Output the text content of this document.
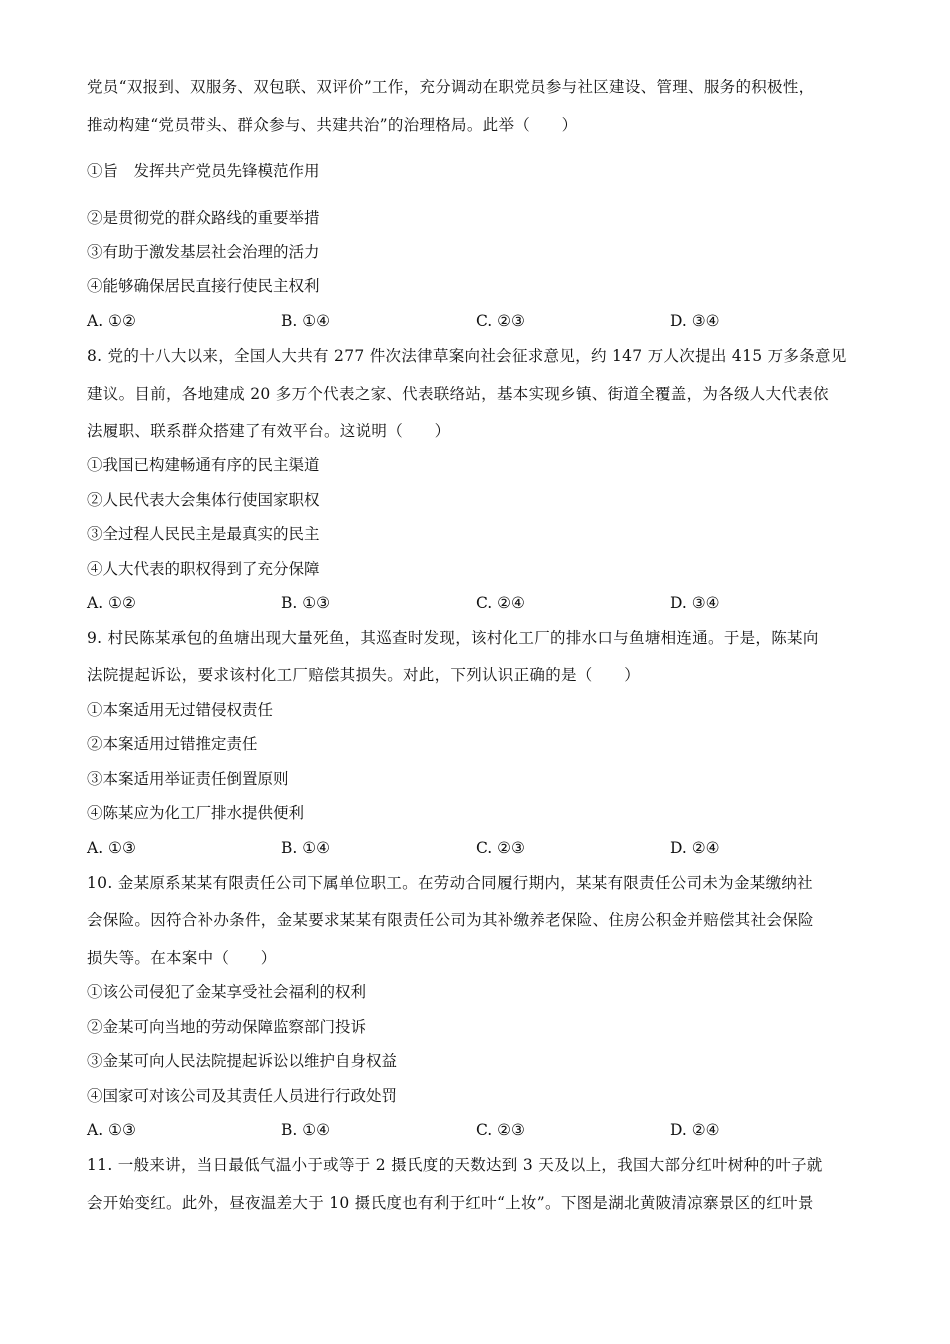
党员“双报到、双服务、双包联、双评价”工作，充分调动在职党员参与社区建设、管理、服务的积极性，
推动构建“党员带头、群众参与、共建共治”的治理格局。此举（　　）
①旨　发挥共产党员先锋模范作用
②是贯彻党的群众路线的重要举措
③有助于激发基层社会治理的活力
④能够确保居民直接行使民主权利
A. ①②	B. ①④	C. ②③	D. ③④
8. 党的十八大以来，全国人大共有 277 件次法律草案向社会征求意见，约 147 万人次提出 415 万多条意见
建议。目前，各地建成 20 多万个代表之家、代表联络站，基本实现乡镇、街道全覆盖，为各级人大代表依
法履职、联系群众搭建了有效平台。这说明（　　）
①我国已构建畅通有序的民主渠道
②人民代表大会集体行使国家职权
③全过程人民民主是最真实的民主
④人大代表的职权得到了充分保障
A. ①②	B. ①③	C. ②④	D. ③④
9. 村民陈某承包的鱼塘出现大量死鱼，其巡查时发现，该村化工厂的排水口与鱼塘相连通。于是，陈某向
法院提起诉讼，要求该村化工厂赔偿其损失。对此，下列认识正确的是（　　）
①本案适用无过错侵权责任
②本案适用过错推定责任
③本案适用举证责任倒置原则
④陈某应为化工厂排水提供便利
A. ①③	B. ①④	C. ②③	D. ②④
10. 金某原系某某有限责任公司下属单位职工。在劳动合同履行期内，某某有限责任公司未为金某缴纳社
会保险。因符合补办条件，金某要求某某有限责任公司为其补缴养老保险、住房公积金并赔偿其社会保险
损失等。在本案中（　　）
①该公司侵犯了金某享受社会福利的权利
②金某可向当地的劳动保障监察部门投诉
③金某可向人民法院提起诉讼以维护自身权益
④国家可对该公司及其责任人员进行行政处罚
A. ①③	B. ①④	C. ②③	D. ②④
11. 一般来讲，当日最低气温小于或等于 2 摄氏度的天数达到 3 天及以上，我国大部分红叶树种的叶子就
会开始变红。此外，昼夜温差大于 10 摄氏度也有利于红叶“上妆”。下图是湖北黄陂清凉寨景区的红叶景
